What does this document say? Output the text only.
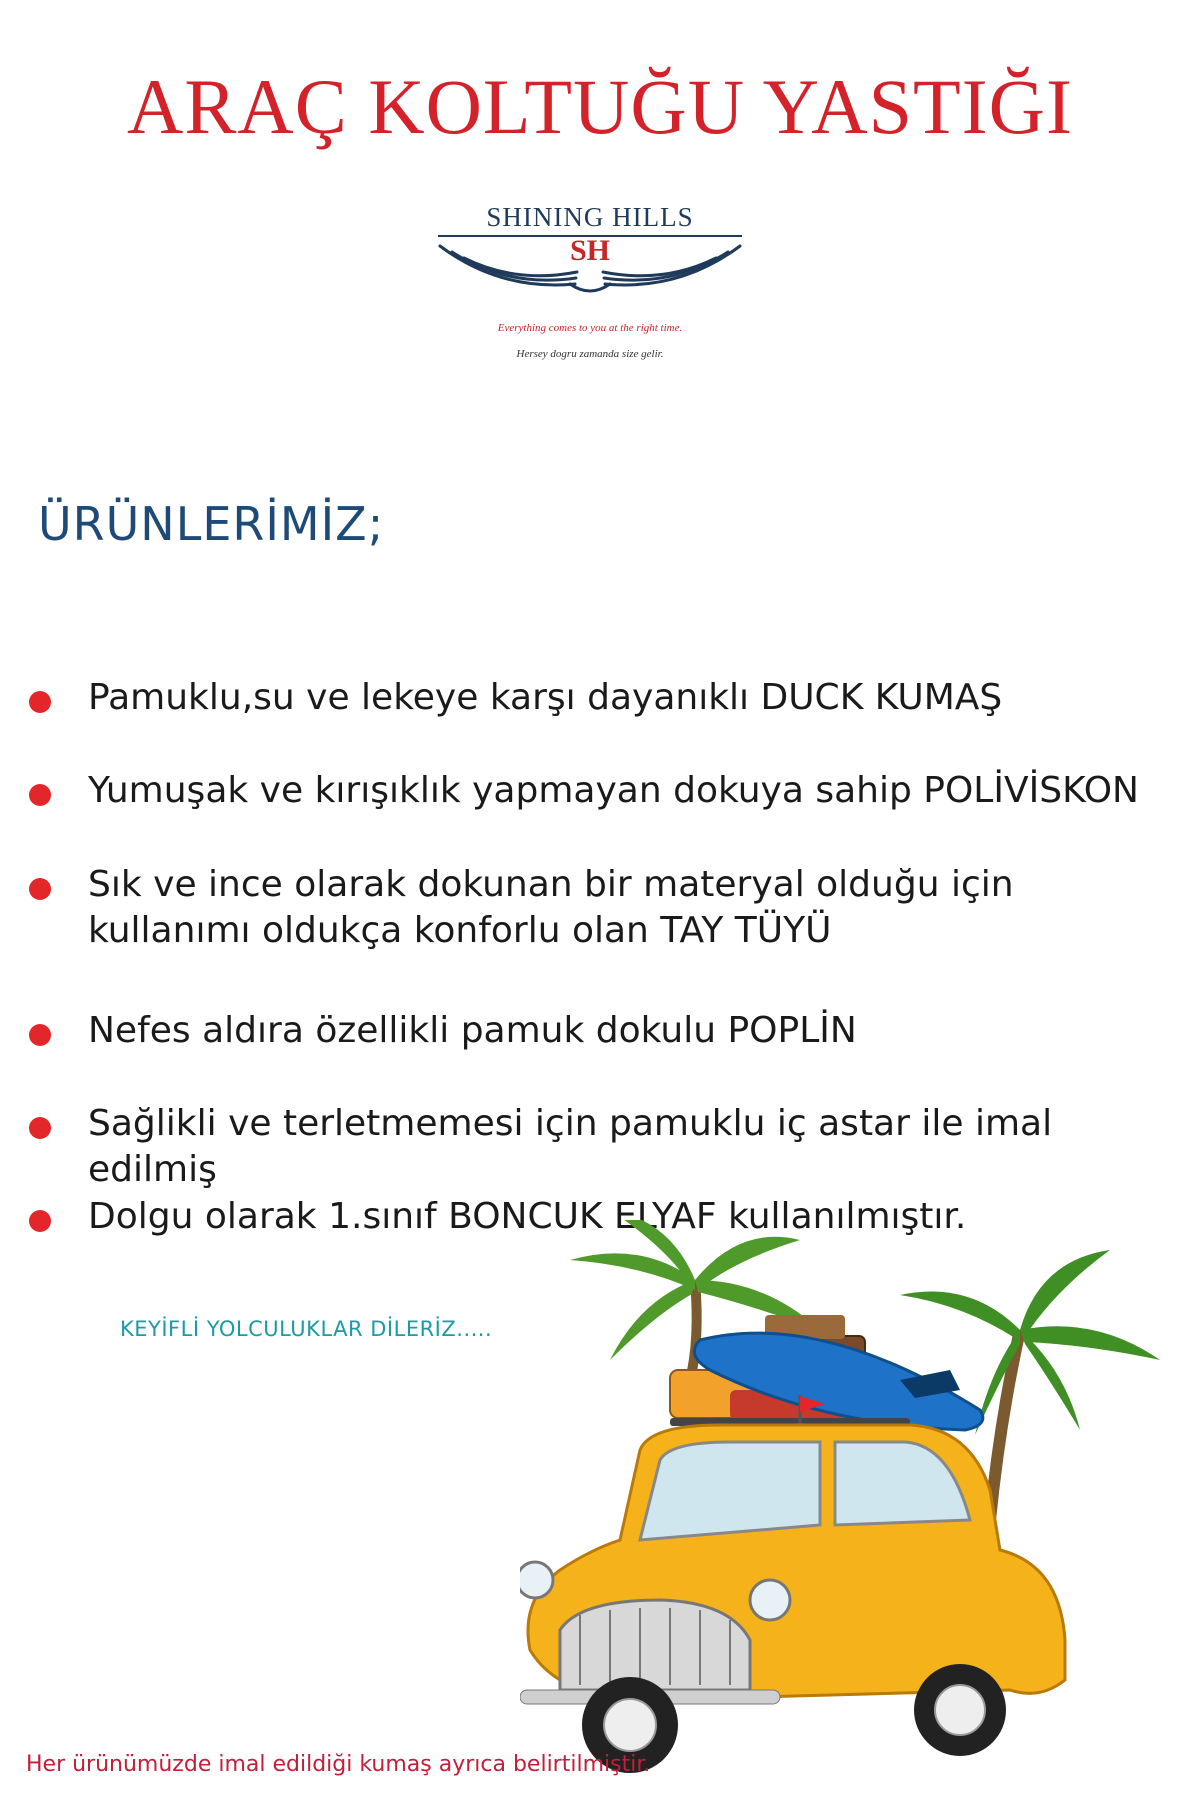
ARAÇ KOLTUĞU YASTIĞI
SHINING HILLS
SH
Everything comes to you at the right time.
Hersey dogru zamanda size gelir.
ÜRÜNLERİMİZ;
Pamuklu,su ve lekeye karşı dayanıklı DUCK KUMAŞ
Yumuşak ve kırışıklık yapmayan dokuya sahip POLİVİSKON
Sık ve ince olarak dokunan bir materyal olduğu için
kullanımı oldukça konforlu olan TAY TÜYÜ
Nefes aldıra özellikli pamuk dokulu POPLİN
Sağlikli ve terletmemesi için pamuklu iç astar ile imal edilmiş
Dolgu olarak 1.sınıf BONCUK ELYAF kullanılmıştır.
KEYİFLİ YOLCULUKLAR DİLERİZ.....
Her ürünümüzde imal edildiği kumaş ayrıca belirtilmiştir.
